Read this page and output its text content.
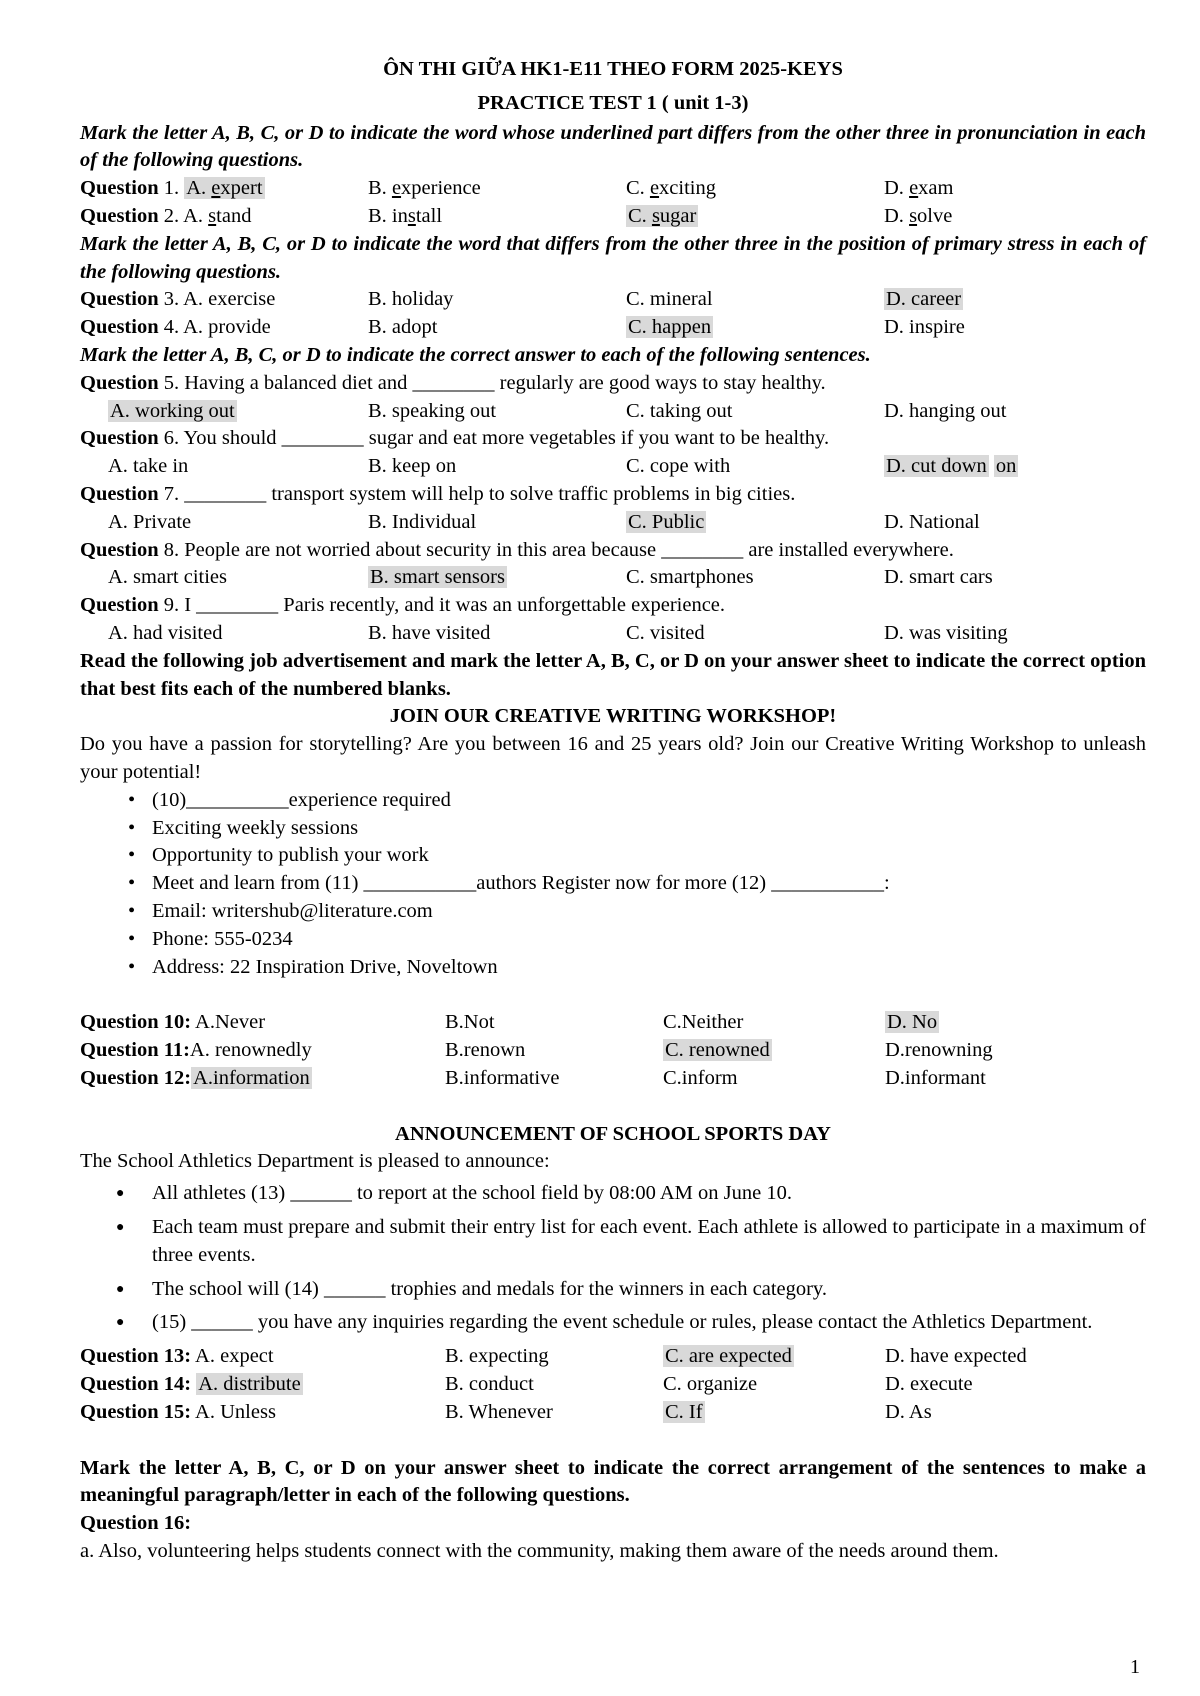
ÔN THI GIỮA HK1-E11 THEO FORM 2025-KEYS
PRACTICE TEST 1 ( unit 1-3)
Mark the letter A, B, C, or D to indicate the word whose underlined part differs from the other three in pronunciation in each of the following questions.
Question 1. A. expert	B. experience	C. exciting	D. exam
Question 2. A. stand	B. install	C. sugar	D. solve
Mark the letter A, B, C, or D to indicate the word that differs from the other three in the position of primary stress in each of the following questions.
Question 3. A. exercise	B. holiday	C. mineral	D. career
Question 4. A. provide	B. adopt	C. happen	D. inspire
Mark the letter A, B, C, or D to indicate the correct answer to each of the following sentences.
Question 5. Having a balanced diet and ________ regularly are good ways to stay healthy.
A. working out	B. speaking out	C. taking out	D. hanging out
Question 6. You should ________ sugar and eat more vegetables if you want to be healthy.
A. take in	B. keep on	C. cope with	D. cut down on
Question 7. ________ transport system will help to solve traffic problems in big cities.
A. Private	B. Individual	C. Public	D. National
Question 8. People are not worried about security in this area because ________ are installed everywhere.
A. smart cities	B. smart sensors	C. smartphones	D. smart cars
Question 9. I ________ Paris recently, and it was an unforgettable experience.
A. had visited	B. have visited	C. visited	D. was visiting
Read the following job advertisement and mark the letter A, B, C, or D on your answer sheet to indicate the correct option that best fits each of the numbered blanks.
JOIN OUR CREATIVE WRITING WORKSHOP!
Do you have a passion for storytelling? Are you between 16 and 25 years old? Join our Creative Writing Workshop to unleash your potential!
• (10)__________experience required
• Exciting weekly sessions
• Opportunity to publish your work
• Meet and learn from (11) ___________authors Register now for more (12) ___________:
• Email: writershub@literature.com
• Phone: 555-0234
• Address: 22 Inspiration Drive, Noveltown
Question 10: A.Never	B.Not	C.Neither	D. No
Question 11:A. renownedly	B.renown	C. renowned	D.renowning
Question 12:A.information	B.informative	C.inform	D.informant
ANNOUNCEMENT OF SCHOOL SPORTS DAY
The School Athletics Department is pleased to announce:
● All athletes (13) ______ to report at the school field by 08:00 AM on June 10.
● Each team must prepare and submit their entry list for each event. Each athlete is allowed to participate in a maximum of three events.
● The school will (14) ______ trophies and medals for the winners in each category.
● (15) ______ you have any inquiries regarding the event schedule or rules, please contact the Athletics Department.
Question 13: A. expect	B. expecting	C. are expected	D. have expected
Question 14: A. distribute	B. conduct	C. organize	D. execute
Question 15: A. Unless	B. Whenever	C. If	D. As
Mark the letter A, B, C, or D on your answer sheet to indicate the correct arrangement of the sentences to make a meaningful paragraph/letter in each of the following questions.
Question 16:
a. Also, volunteering helps students connect with the community, making them aware of the needs around them.
1
